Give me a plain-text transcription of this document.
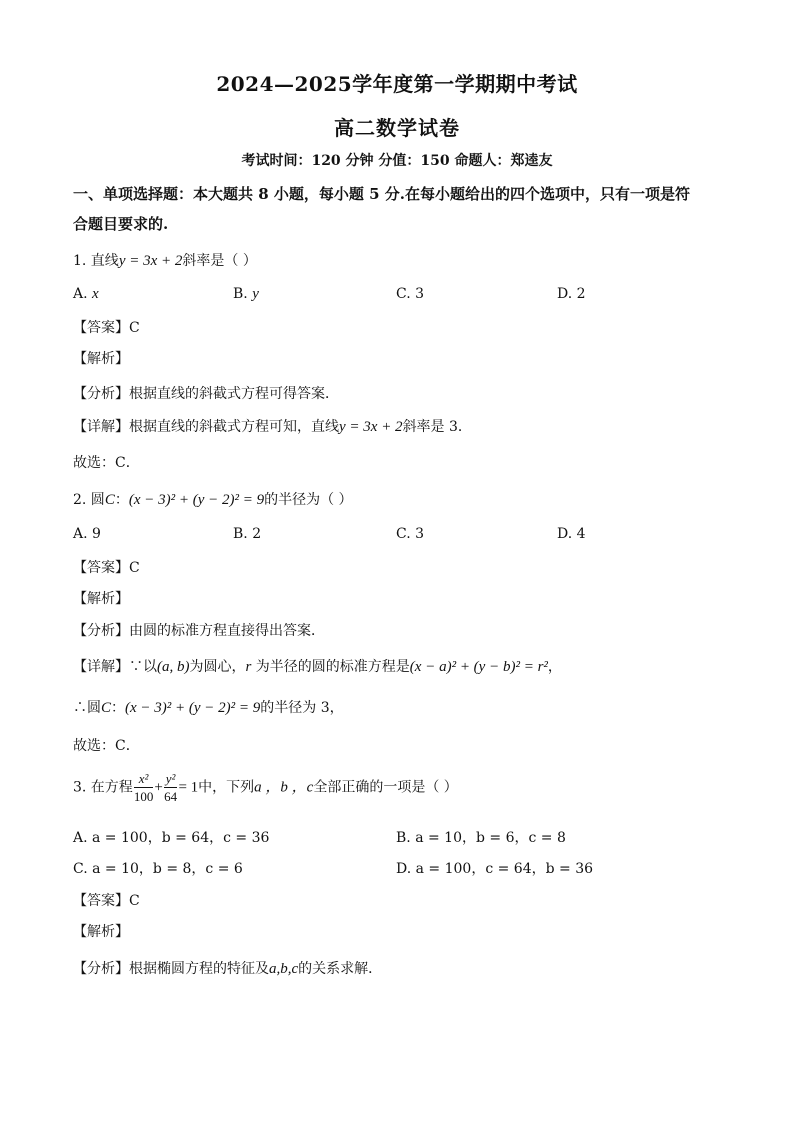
2024—2025学年度第一学期期中考试
高二数学试卷
考试时间：120 分钟 分值：150 命题人：郑逵友
一、单项选择题：本大题共 8 小题，每小题 5 分.在每小题给出的四个选项中，只有一项是符
合题目要求的.
1. 直线y = 3x + 2斜率是（ ）
A. x	B. y	C. 3	D. 2
【答案】C
【解析】
【分析】根据直线的斜截式方程可得答案．
【详解】根据直线的斜截式方程可知，直线y = 3x + 2斜率是 3．
故选：C．
2. 圆C：(x − 3)² + (y − 2)² = 9的半径为（ ）
A. 9	B. 2	C. 3	D. 4
【答案】C
【解析】
【分析】由圆的标准方程直接得出答案．
【详解】∵以(a, b)为圆心，r 为半径的圆的标准方程是(x − a)² + (y − b)² = r²，
∴圆C：(x − 3)² + (y − 2)² = 9的半径为 3，
故选：C．
3. 在方程 $\frac{\text{x²}}{100} + \frac{\text{y²}}{64} = 1$中，下列a ，b ，c全部正确的一项是（ ）
A. a = 100，b = 64，c = 36	B. a = 10，b = 6，c = 8
C. a = 10，b = 8，c = 6	D. a = 100，c = 64，b = 36
【答案】C
【解析】
【分析】根据椭圆方程的特征及a,b,c的关系求解．
